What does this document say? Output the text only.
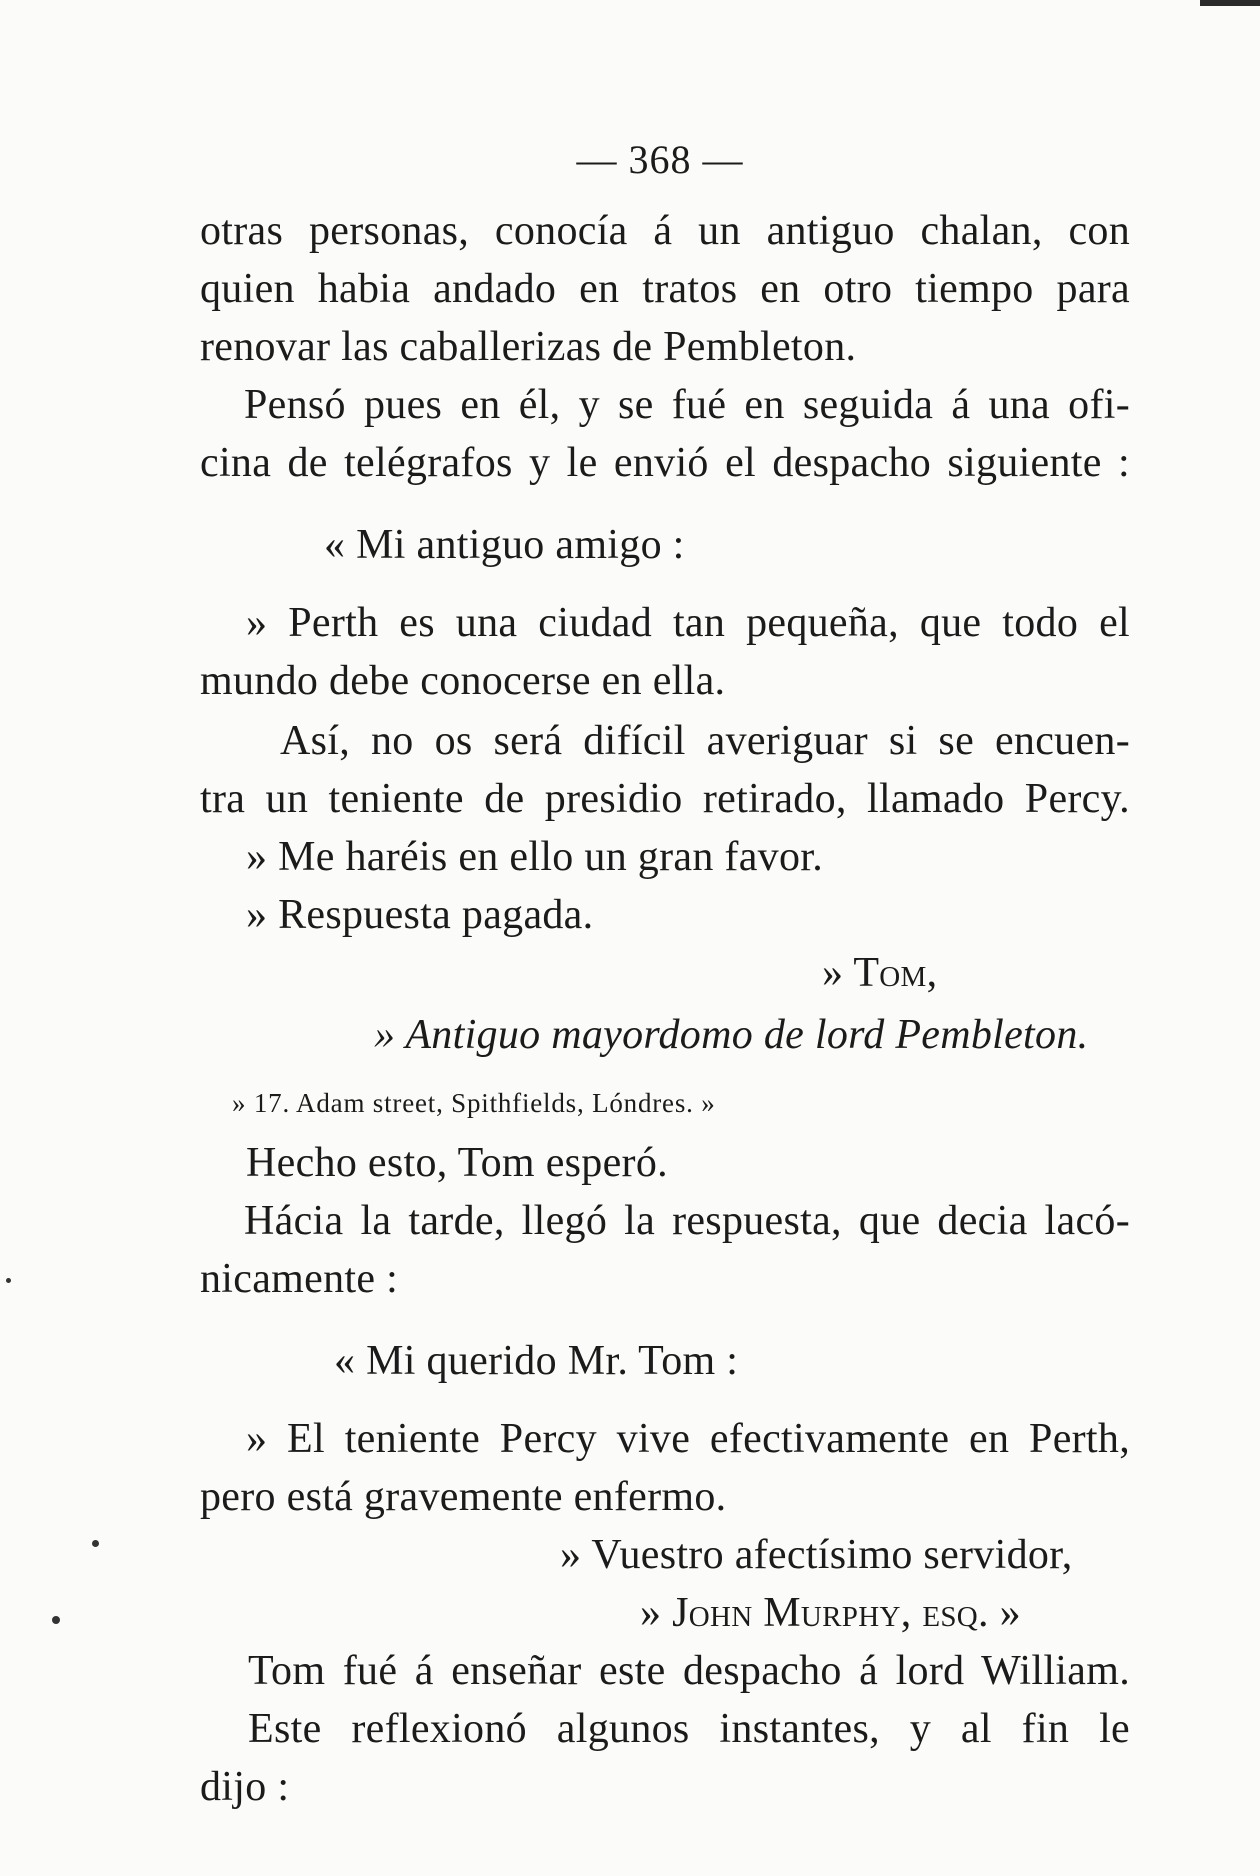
— 368 —
otras personas, conocía á un antiguo chalan, con
quien habia andado en tratos en otro tiempo para
renovar las caballerizas de Pembleton.
Pensó pues en él, y se fué en seguida á una ofi-
cina de telégrafos y le envió el despacho siguiente :
« Mi antiguo amigo :
» Perth es una ciudad tan pequeña, que todo el
mundo debe conocerse en ella.
Así, no os será difícil averiguar si se encuen-
tra un teniente de presidio retirado, llamado Percy.
» Me haréis en ello un gran favor.
» Respuesta pagada.
» Tom,
» Antiguo mayordomo de lord Pembleton.
» 17. Adam street, Spithfields, Lóndres. »
Hecho esto, Tom esperó.
Hácia la tarde, llegó la respuesta, que decia lacó-
nicamente :
« Mi querido Mr. Tom :
» El teniente Percy vive efectivamente en Perth,
pero está gravemente enfermo.
» Vuestro afectísimo servidor,
» John Murphy, esq. »
Tom fué á enseñar este despacho á lord William.
Este reflexionó algunos instantes, y al fin le
dijo :
